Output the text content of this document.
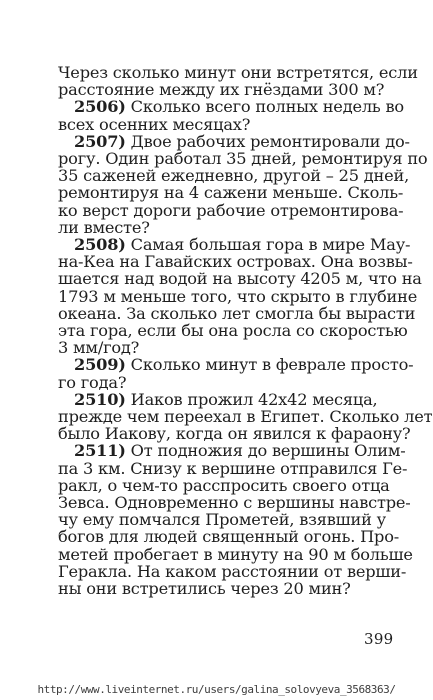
Через сколько минут они встретятся, если
расстояние между их гнёздами 300 м?
2506) Сколько всего полных недель во
всех осенних месяцах?
2507) Двое рабочих ремонтировали до-
рогу. Один работал 35 дней, ремонтируя по
35 саженей ежедневно, другой – 25 дней,
ремонтируя на 4 сажени меньше. Сколь-
ко верст дороги рабочие отремонтирова-
ли вместе?
2508) Самая большая гора в мире Мау-
на-Кеа на Гавайских островах. Она возвы-
шается над водой на высоту 4205 м, что на
1793 м меньше того, что скрыто в глубине
океана. За сколько лет смогла бы вырасти
эта гора, если бы она росла со скоростью
3 мм/год?
2509) Сколько минут в феврале просто-
го года?
2510) Иаков прожил 42х42 месяца,
прежде чем переехал в Египет. Сколько лет
было Иакову, когда он явился к фараону?
2511) От подножия до вершины Олим-
па 3 км. Снизу к вершине отправился Ге-
ракл, о чем-то расспросить своего отца
Зевса. Одновременно с вершины навстре-
чу ему помчался Прометей, взявший у
богов для людей священный огонь. Про-
метей пробегает в минуту на 90 м больше
Геракла. На каком расстоянии от верши-
ны они встретились через 20 мин?
399
http://www.liveinternet.ru/users/galina_solovyeva_3568363/
